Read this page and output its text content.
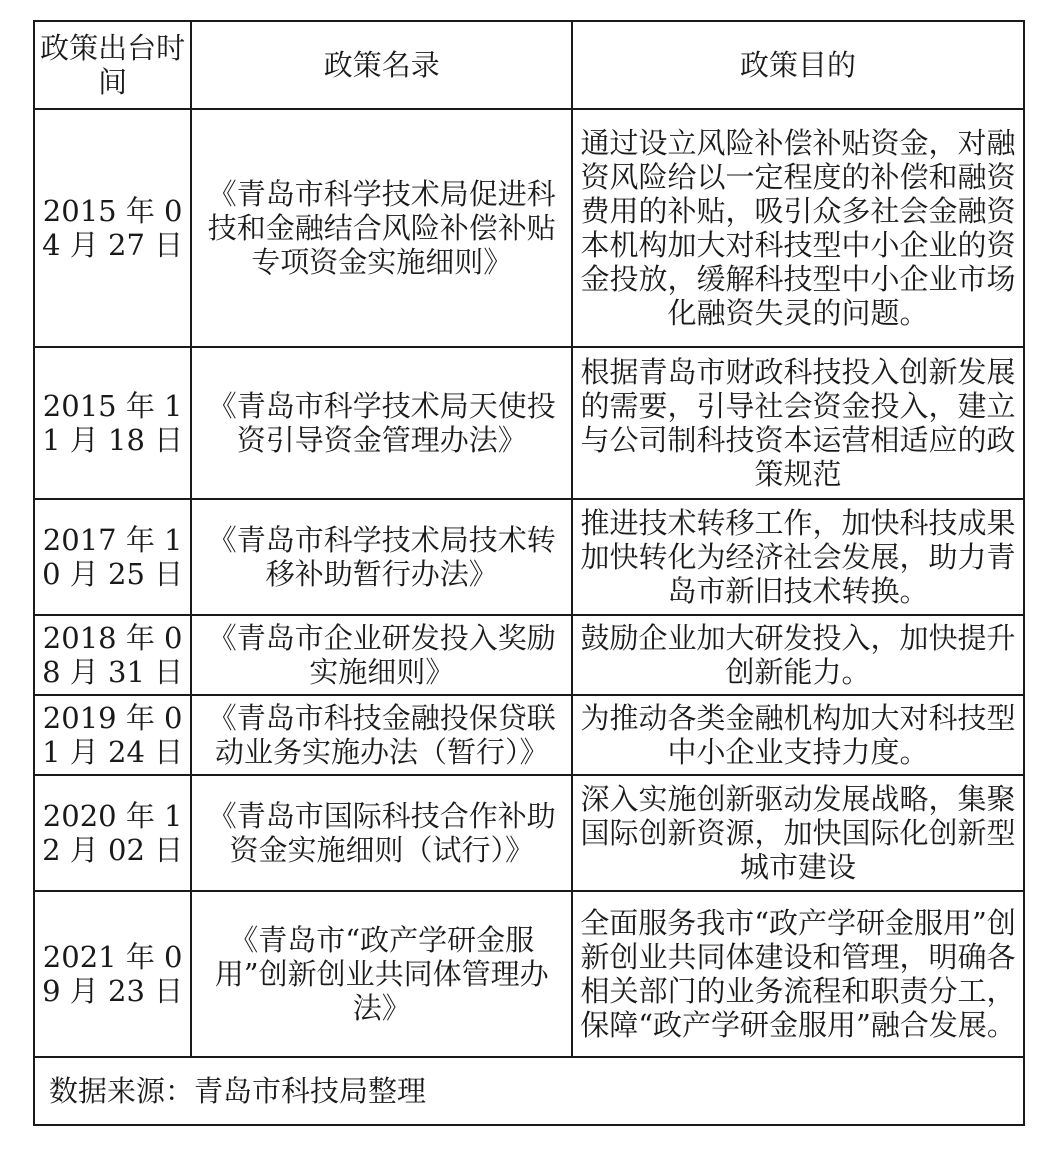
政策出台时间	政策名录	政策目的
2015 年 04 月 27 日	《青岛市科学技术局促进科技和金融结合风险补偿补贴专项资金实施细则》	通过设立风险补偿补贴资金，对融资风险给以一定程度的补偿和融资费用的补贴，吸引众多社会金融资本机构加大对科技型中小企业的资金投放，缓解科技型中小企业市场化融资失灵的问题。
2015 年 11 月 18 日	《青岛市科学技术局天使投资引导资金管理办法》	根据青岛市财政科技投入创新发展的需要，引导社会资金投入，建立与公司制科技资本运营相适应的政策规范
2017 年 10 月 25 日	《青岛市科学技术局技术转移补助暂行办法》	推进技术转移工作，加快科技成果加快转化为经济社会发展，助力青岛市新旧技术转换。
2018 年 08 月 31 日	《青岛市企业研发投入奖励实施细则》	鼓励企业加大研发投入，加快提升创新能力。
2019 年 01 月 24 日	《青岛市科技金融投保贷联动业务实施办法（暂行）》	为推动各类金融机构加大对科技型中小企业支持力度。
2020 年 12 月 02 日	《青岛市国际科技合作补助资金实施细则（试行）》	深入实施创新驱动发展战略，集聚国际创新资源，加快国际化创新型城市建设
2021 年 09 月 23 日	《青岛市“政产学研金服用”创新创业共同体管理办法》	全面服务我市“政产学研金服用”创新创业共同体建设和管理，明确各相关部门的业务流程和职责分工，保障“政产学研金服用”融合发展。
数据来源：青岛市科技局整理		
